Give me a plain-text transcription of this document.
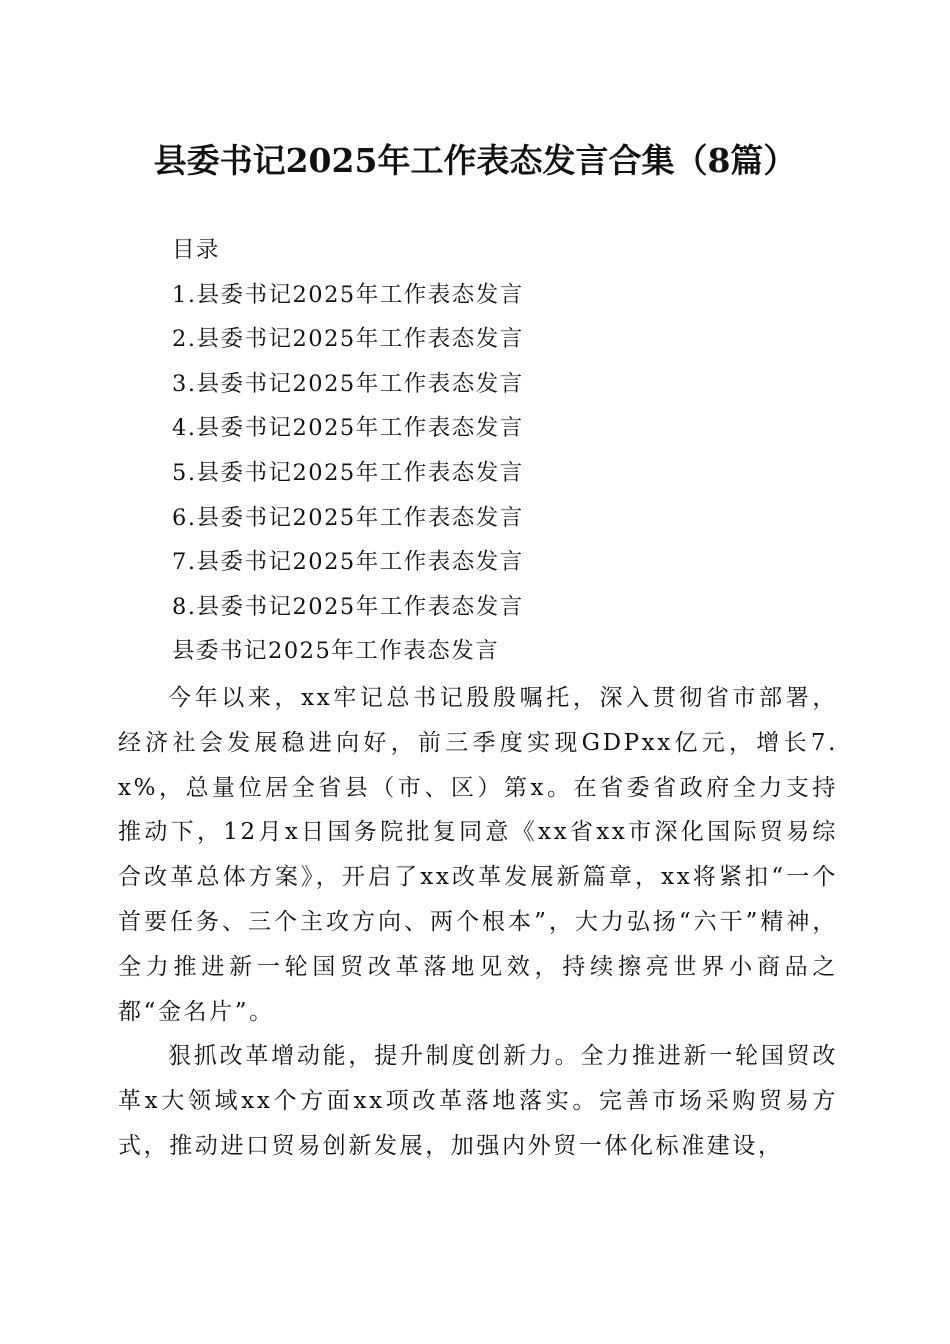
县委书记2025年工作表态发言合集（8篇）
目录
1.县委书记2025年工作表态发言
2.县委书记2025年工作表态发言
3.县委书记2025年工作表态发言
4.县委书记2025年工作表态发言
5.县委书记2025年工作表态发言
6.县委书记2025年工作表态发言
7.县委书记2025年工作表态发言
8.县委书记2025年工作表态发言
县委书记2025年工作表态发言

今年以来，xx牢记总书记殷殷嘱托，深入贯彻省市部署，经济社会发展稳进向好，前三季度实现GDPxx亿元，增长7.x%，总量位居全省县（市、区）第x。在省委省政府全力支持推动下，12月x日国务院批复同意《xx省xx市深化国际贸易综合改革总体方案》，开启了xx改革发展新篇章，xx将紧扣“一个首要任务、三个主攻方向、两个根本”，大力弘扬“六干”精神，全力推进新一轮国贸改革落地见效，持续擦亮世界小商品之都“金名片”。

狠抓改革增动能，提升制度创新力。全力推进新一轮国贸改革x大领域xx个方面xx项改革落地落实。完善市场采购贸易方式，推动进口贸易创新发展，加强内外贸一体化标准建设，
